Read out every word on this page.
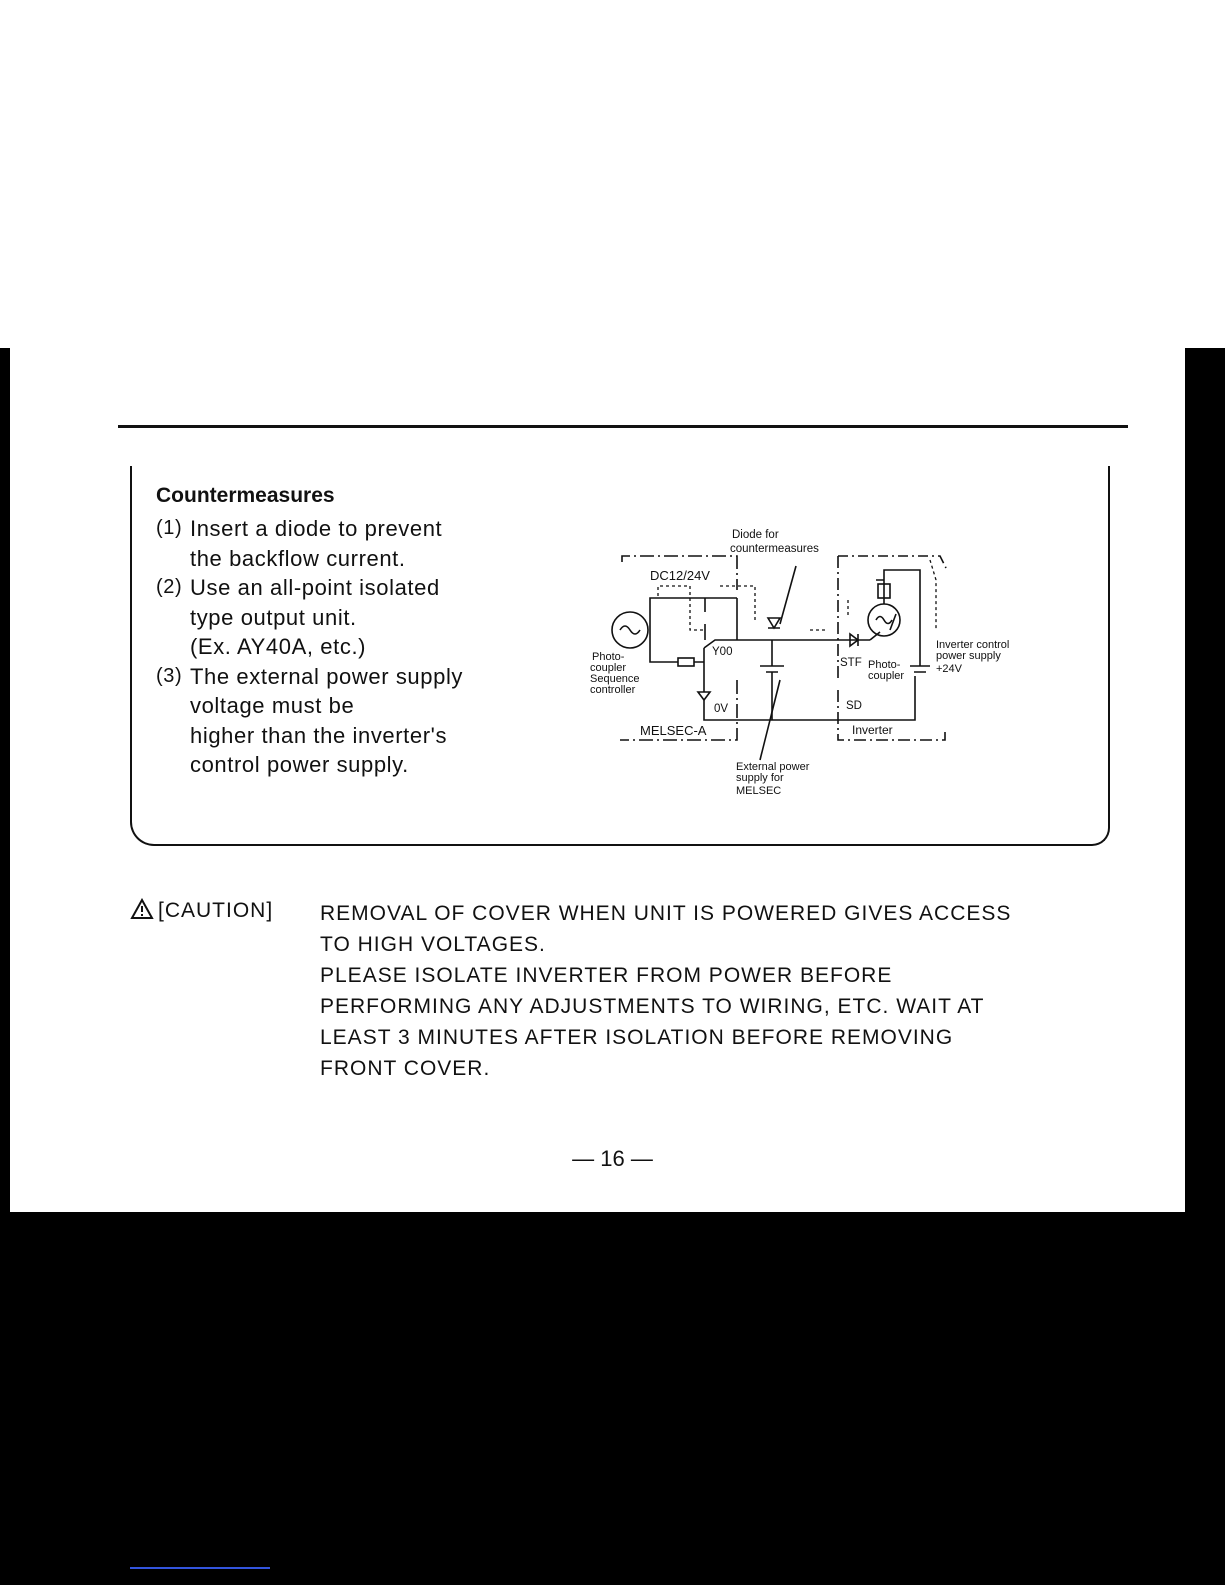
Countermeasures
(1) Insert a diode to prevent
the backflow current.
(2) Use an all-point isolated
type output unit.
(Ex. AY40A, etc.)
(3) The external power supply
voltage must be
higher than the inverter's
control power supply.
Diode for
countermeasures
DC12/24V
Photo-
coupler
Sequence
controller
Y00
0V
MELSEC-A
STF Photo-
coupler
SD
Inverter
Inverter control
power supply
+24V
External power
supply for
MELSEC
[CAUTION] REMOVAL OF COVER WHEN UNIT IS POWERED GIVES ACCESS
TO HIGH VOLTAGES.
PLEASE ISOLATE INVERTER FROM POWER BEFORE
PERFORMING ANY ADJUSTMENTS TO WIRING, ETC. WAIT AT
LEAST 3 MINUTES AFTER ISOLATION BEFORE REMOVING
FRONT COVER.
— 16 —
